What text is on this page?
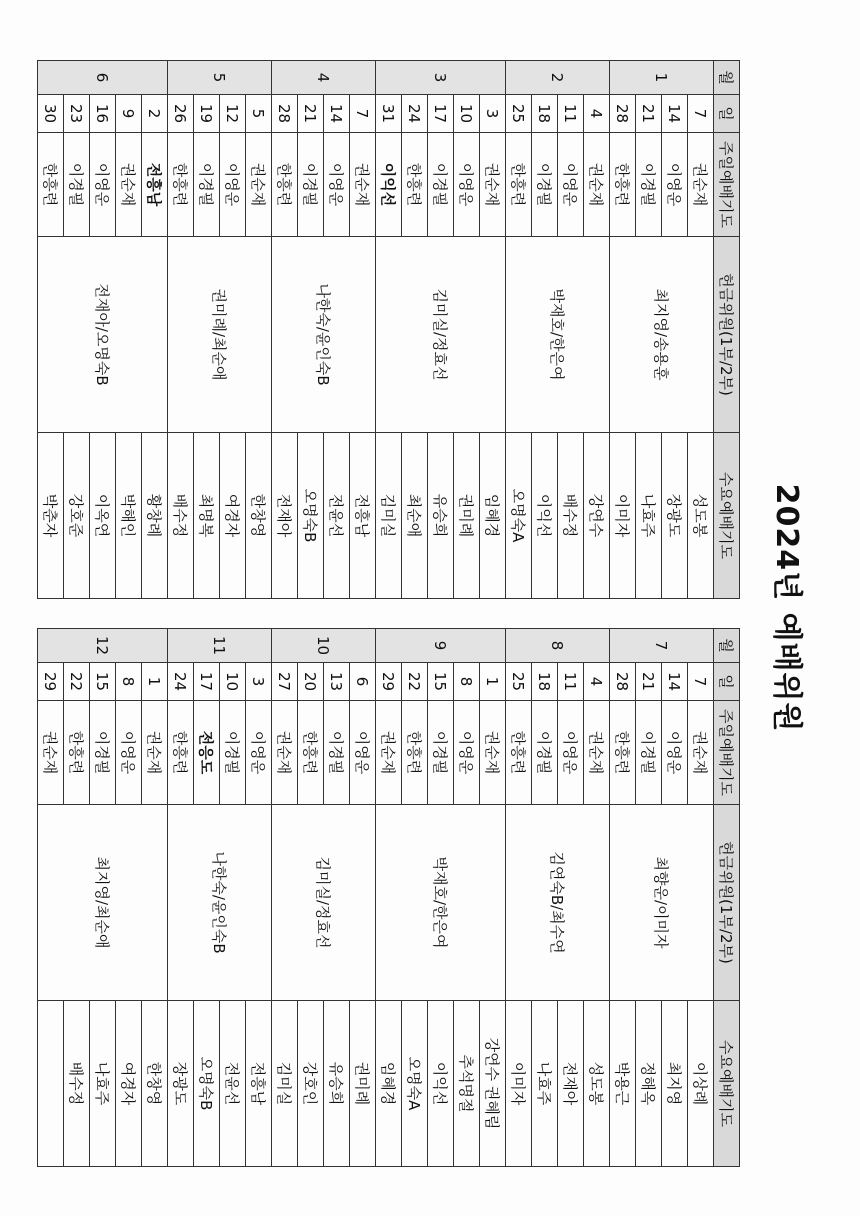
2024년 예배위원
월	일	주일예배기도	헌금위원(1부/2부)	수요예배기도
1	7	권순재	최지영/송용훈	성도봉
	14	이영운		장광도
	21	이경필		나효주
	28	한흥련		이미자
2	4	권순재	박재호/한은여	강연수
	11	이영운		배수정
	18	이경필		이익선
	25	한흥련		오명숙A
3	3	권순재	김미실/정효선	임혜경
	10	이영운		권미례
	17	이경필		유승희
	24	한흥련		최순애
	31	이익선		김미실
4	7	권순재	나한숙/윤인숙B	전흥남
	14	이영운		전윤선
	21	이경필		오명숙B
	28	한흥련		전재아
5	5	권순재	권미례/최순애	한창영
	12	이영운		여경자
	19	이경필		최명복
	26	한흥련		배수정
6	2	전흥남	전재아/오명숙B	황창례
	9	권순재		박해인
	16	이영운		이옥연
	23	이경필		강호준
	30	한흥련		박춘자
월	일	주일예배기도	헌금위원(1부/2부)	수요예배기도
7	7	권순재	최향운/이미자	이상례
	14	이영운		최지영
	21	이경필		정해옥
	28	한흥련		박용근
8	4	권순재	김연숙B/최수연	성도봉
	11	이영운		전재아
	18	이경필		나효주
	25	한흥련		이미자
9	1	권순재	박재호/한은여	강연수 권혜림
	8	이영운		추석명절
	15	이경필		이익선
	22	한흥련		오명숙A
	29	권순재		임혜경
10	6	이영운	김미실/정효선	권미례
	13	이경필		유승희
	20	한흥련		강호인
	27	권순재		김미실
11	3	이영운	나한숙/윤인숙B	전흥남
	10	이경필		전윤선
	17	전응도		오명숙B
	24	한흥련		장광도
12	1	권순재	최지영/최순애	한창영
	8	이영운		여경자
	15	이경필		나효주
	22	한흥련		배수정
	29	권순재		
